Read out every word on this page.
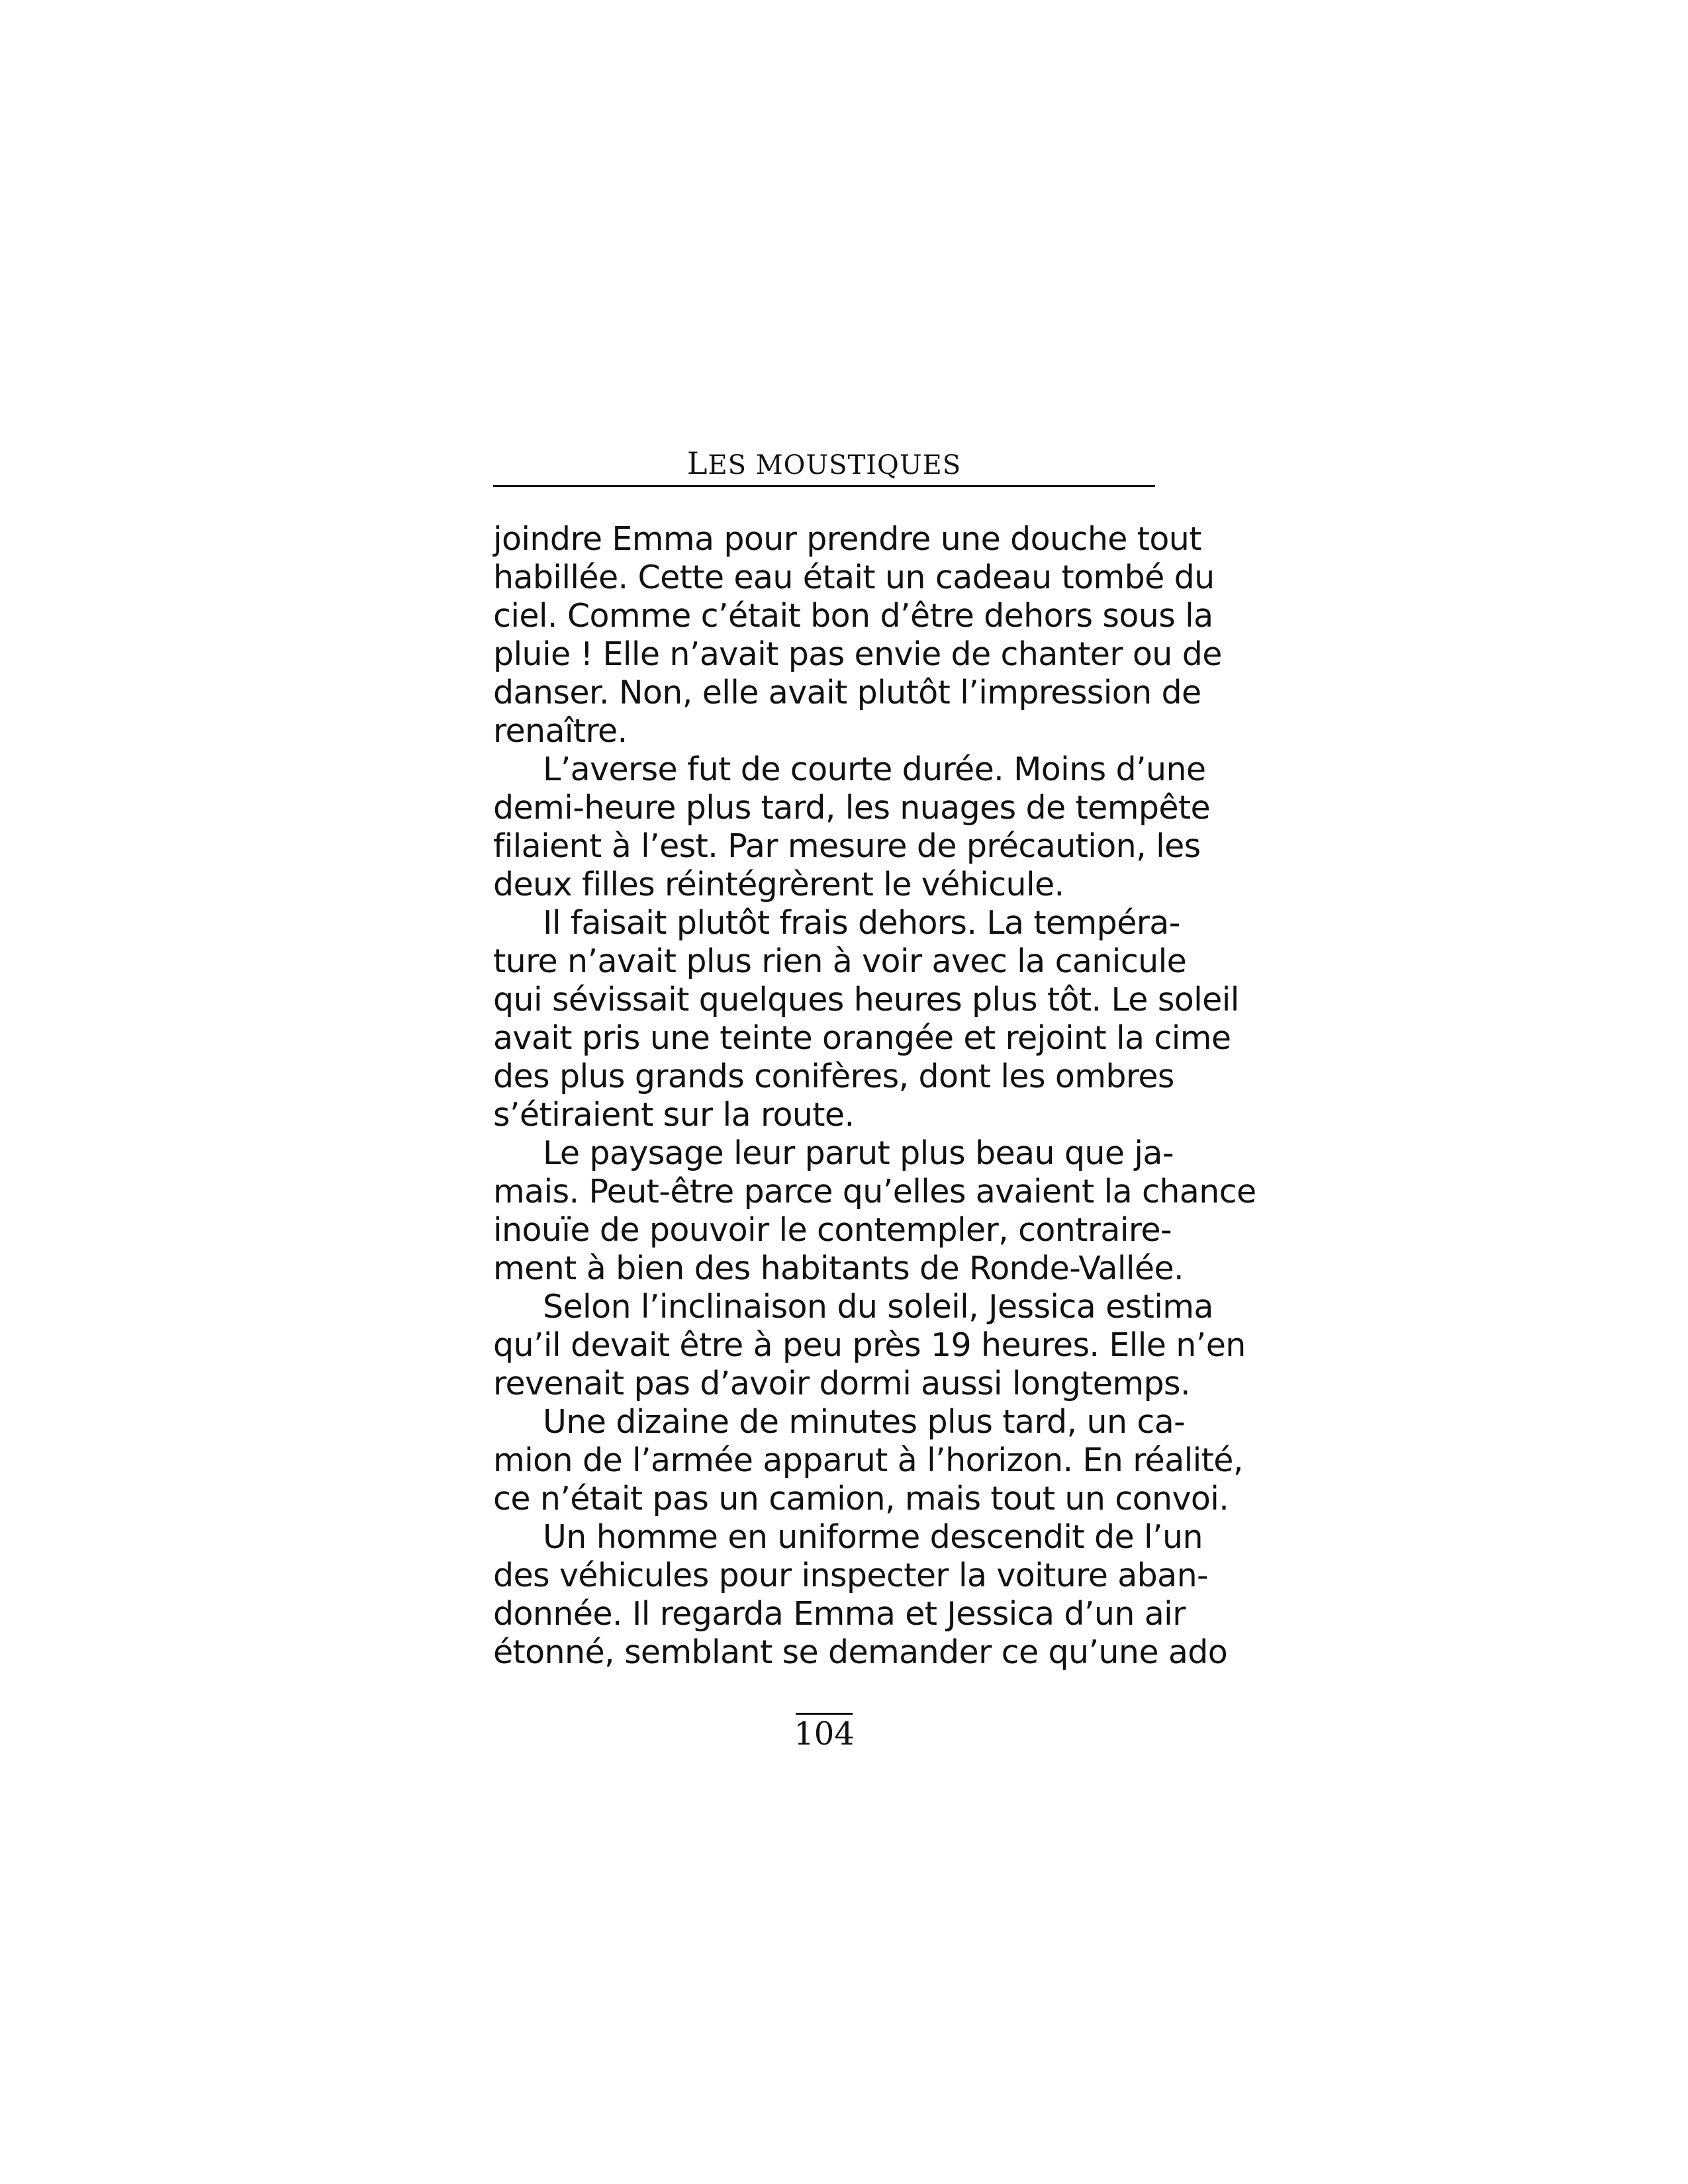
LES MOUSTIQUES
joindre Emma pour prendre une douche tout
habillée. Cette eau était un cadeau tombé du
ciel. Comme c’était bon d’être dehors sous la
pluie ! Elle n’avait pas envie de chanter ou de
danser. Non, elle avait plutôt l’impression de
renaître.
L’averse fut de courte durée. Moins d’une
demi-heure plus tard, les nuages de tempête
filaient à l’est. Par mesure de précaution, les
deux filles réintégrèrent le véhicule.
Il faisait plutôt frais dehors. La tempéra-
ture n’avait plus rien à voir avec la canicule
qui sévissait quelques heures plus tôt. Le soleil
avait pris une teinte orangée et rejoint la cime
des plus grands conifères, dont les ombres
s’étiraient sur la route.
Le paysage leur parut plus beau que ja-
mais. Peut-être parce qu’elles avaient la chance
inouïe de pouvoir le contempler, contraire-
ment à bien des habitants de Ronde-Vallée.
Selon l’inclinaison du soleil, Jessica estima
qu’il devait être à peu près 19 heures. Elle n’en
revenait pas d’avoir dormi aussi longtemps.
Une dizaine de minutes plus tard, un ca-
mion de l’armée apparut à l’horizon. En réalité,
ce n’était pas un camion, mais tout un convoi.
Un homme en uniforme descendit de l’un
des véhicules pour inspecter la voiture aban-
donnée. Il regarda Emma et Jessica d’un air
étonné, semblant se demander ce qu’une ado
104
